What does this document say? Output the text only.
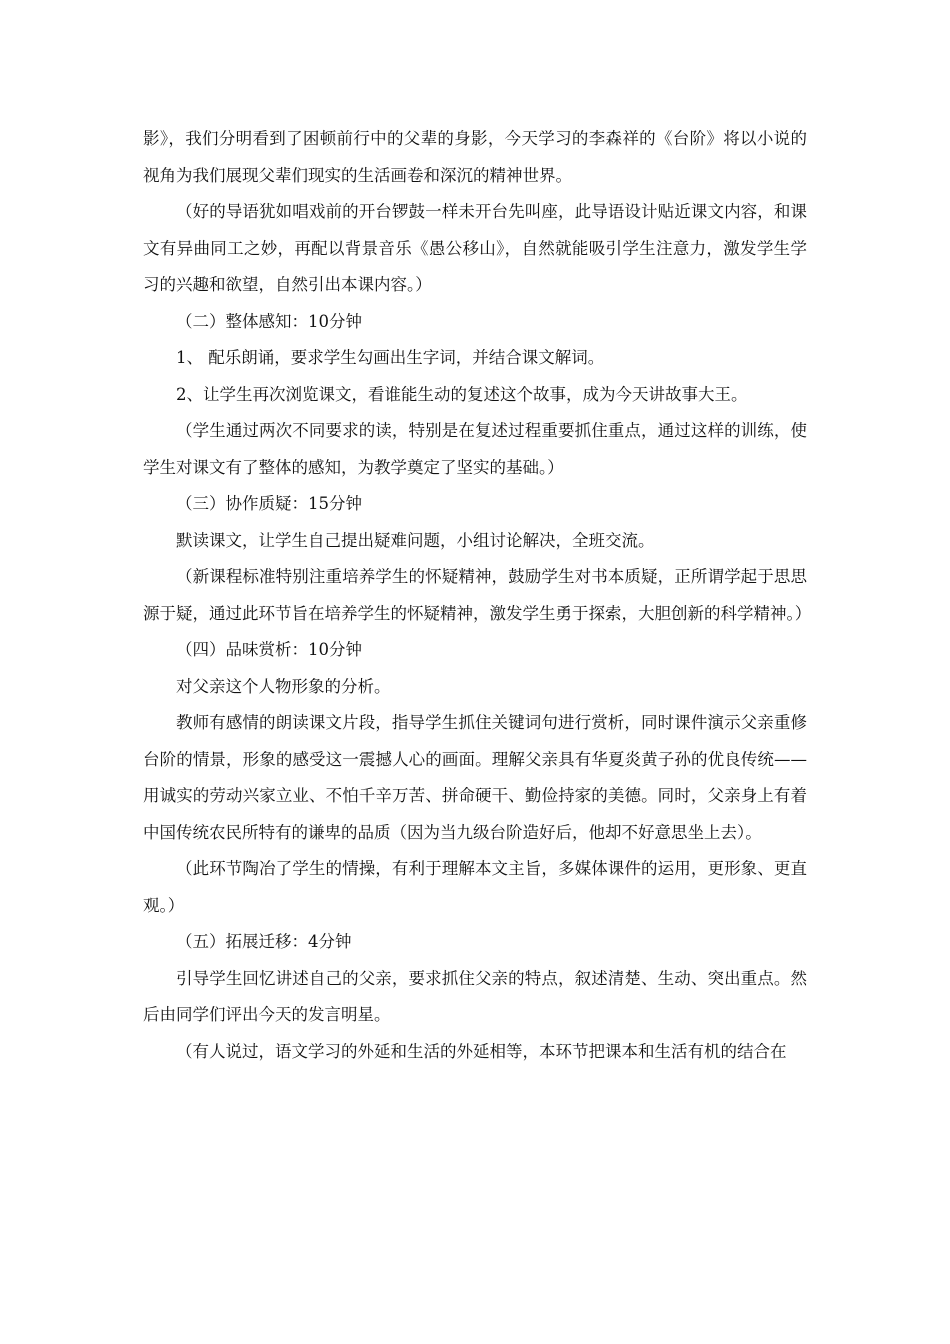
影》，我们分明看到了困顿前行中的父辈的身影，今天学习的李森祥的《台阶》将以小说的视角为我们展现父辈们现实的生活画卷和深沉的精神世界。

（好的导语犹如唱戏前的开台锣鼓一样未开台先叫座，此导语设计贴近课文内容，和课文有异曲同工之妙，再配以背景音乐《愚公移山》，自然就能吸引学生注意力，激发学生学习的兴趣和欲望，自然引出本课内容。）

（二）整体感知：10分钟

1、 配乐朗诵，要求学生勾画出生字词，并结合课文解词。

2、让学生再次浏览课文，看谁能生动的复述这个故事，成为今天讲故事大王。

（学生通过两次不同要求的读，特别是在复述过程重要抓住重点，通过这样的训练，使学生对课文有了整体的感知，为教学奠定了坚实的基础。）

（三）协作质疑：15分钟

默读课文，让学生自己提出疑难问题，小组讨论解决，全班交流。

（新课程标准特别注重培养学生的怀疑精神，鼓励学生对书本质疑，正所谓学起于思思源于疑，通过此环节旨在培养学生的怀疑精神，激发学生勇于探索，大胆创新的科学精神。）

（四）品味赏析：10分钟

对父亲这个人物形象的分析。

教师有感情的朗读课文片段，指导学生抓住关键词句进行赏析，同时课件演示父亲重修台阶的情景，形象的感受这一震撼人心的画面。理解父亲具有华夏炎黄子孙的优良传统——用诚实的劳动兴家立业、不怕千辛万苦、拼命硬干、勤俭持家的美德。同时，父亲身上有着中国传统农民所特有的谦卑的品质（因为当九级台阶造好后，他却不好意思坐上去）。

（此环节陶冶了学生的情操，有利于理解本文主旨，多媒体课件的运用，更形象、更直观。）

（五）拓展迁移：4分钟

引导学生回忆讲述自己的父亲，要求抓住父亲的特点，叙述清楚、生动、突出重点。然后由同学们评出今天的发言明星。

（有人说过，语文学习的外延和生活的外延相等，本环节把课本和生活有机的结合在
